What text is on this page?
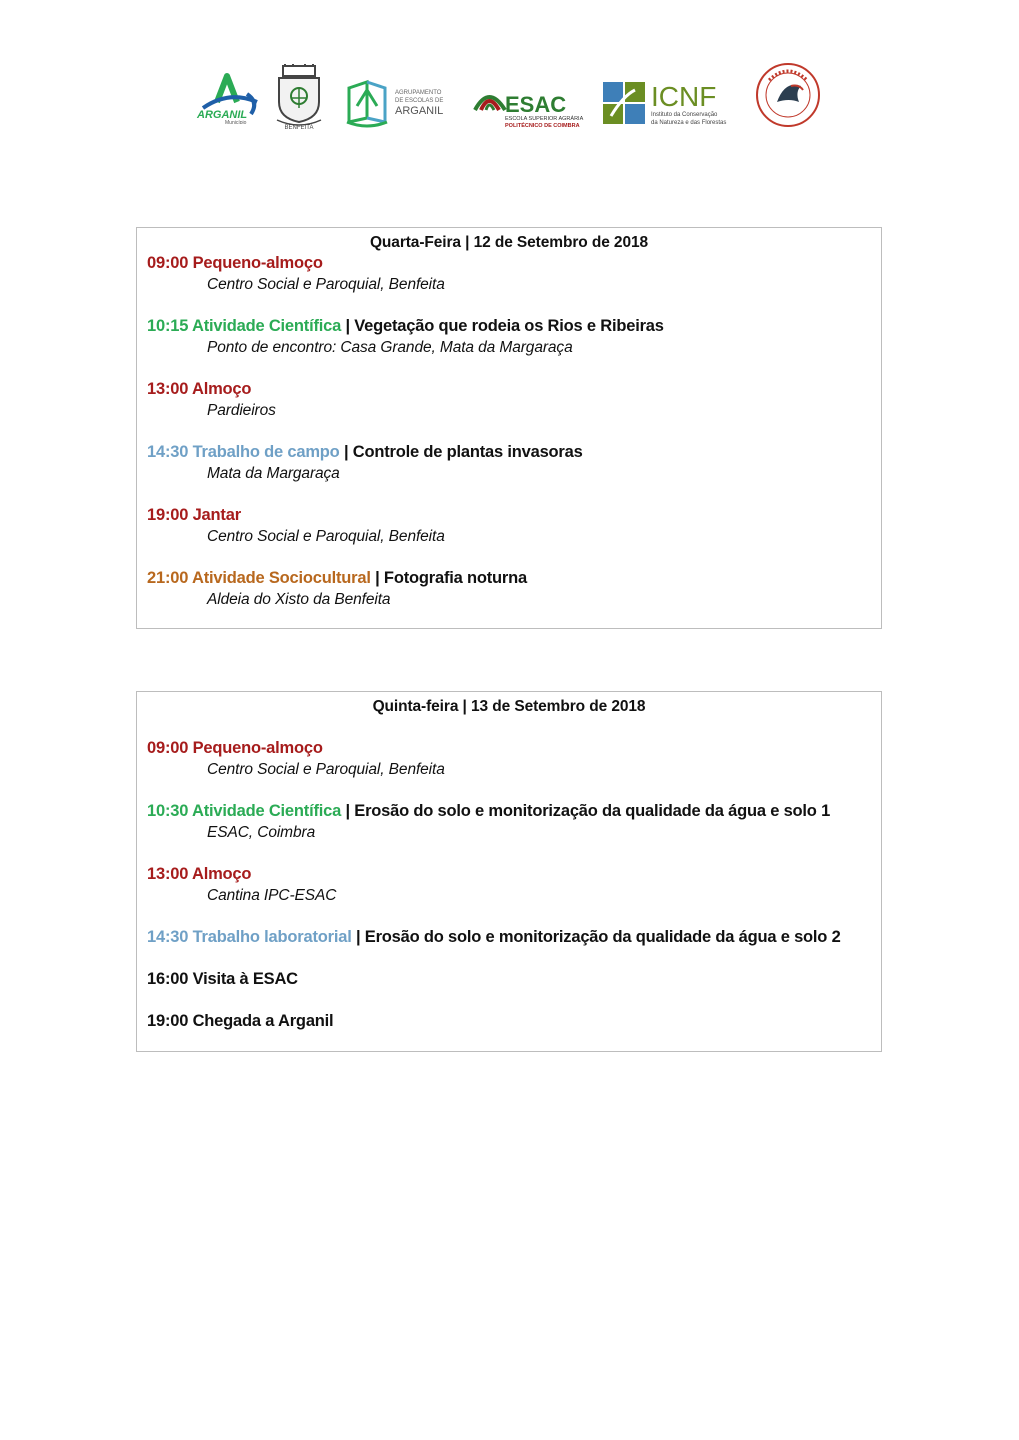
ARGANIL
Município
BENFEITA
AGRUPAMENTO
DE ESCOLAS DE
ARGANIL	ESAC
ESCOLA SUPERIOR AGRÁRIA
POLITÉCNICO DE COIMBRA
ICNF
Instituto da Conservação
da Natureza e das Florestas
Quarta-Feira | 12 de Setembro de 2018
09:00 Pequeno-almoço
Centro Social e Paroquial, Benfeita
10:15 Atividade Científica | Vegetação que rodeia os Rios e Ribeiras
Ponto de encontro: Casa Grande, Mata da Margaraça
13:00 Almoço
Pardieiros
14:30 Trabalho de campo | Controle de plantas invasoras
Mata da Margaraça
19:00 Jantar
Centro Social e Paroquial, Benfeita
21:00 Atividade Sociocultural | Fotografia noturna
Aldeia do Xisto da Benfeita
Quinta-feira | 13 de Setembro de 2018
09:00 Pequeno-almoço
Centro Social e Paroquial, Benfeita
10:30 Atividade Científica | Erosão do solo e monitorização da qualidade da água e solo 1
ESAC, Coimbra
13:00 Almoço
Cantina IPC-ESAC
14:30 Trabalho laboratorial | Erosão do solo e monitorização da qualidade da água e solo 2
16:00 Visita à ESAC
19:00 Chegada a Arganil
